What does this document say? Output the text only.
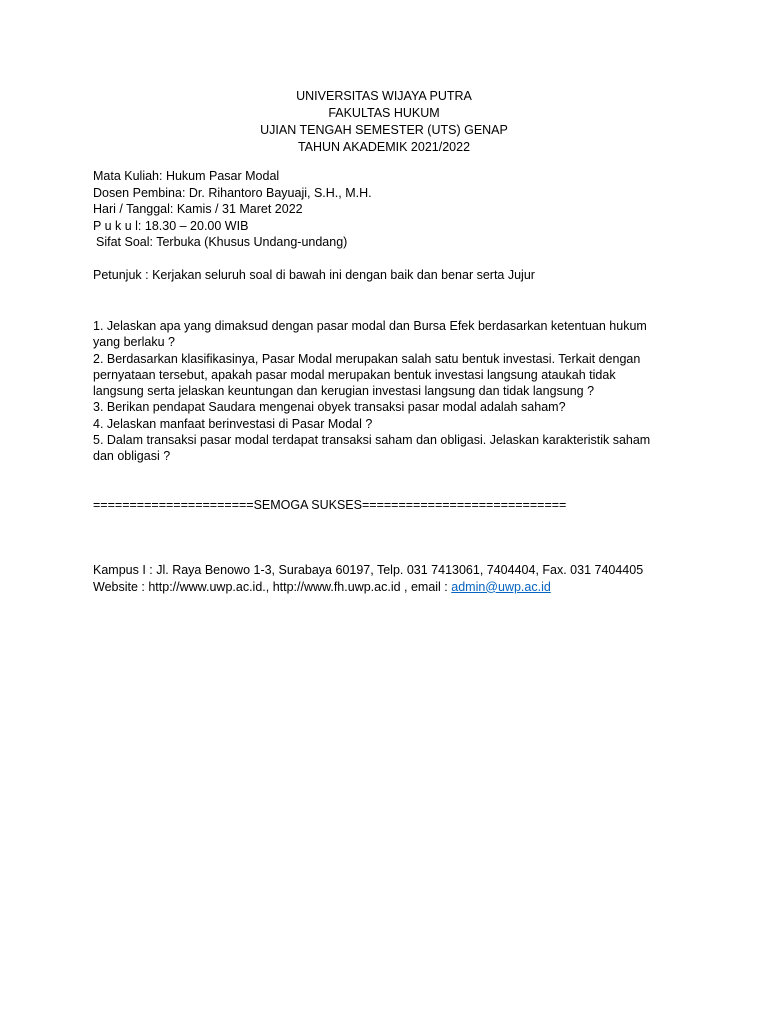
UNIVERSITAS WIJAYA PUTRA
FAKULTAS HUKUM
UJIAN TENGAH SEMESTER (UTS) GENAP
TAHUN AKADEMIK 2021/2022
Mata Kuliah: Hukum Pasar Modal
Dosen Pembina: Dr. Rihantoro Bayuaji, S.H., M.H.
Hari / Tanggal: Kamis / 31 Maret 2022
P u k u l: 18.30 – 20.00 WIB
Sifat Soal: Terbuka (Khusus Undang-undang)
Petunjuk : Kerjakan seluruh soal di bawah ini dengan baik dan benar serta Jujur
1. Jelaskan apa yang dimaksud dengan pasar modal dan Bursa Efek berdasarkan ketentuan hukum
yang berlaku ?
2. Berdasarkan klasifikasinya, Pasar Modal merupakan salah satu bentuk investasi. Terkait dengan
pernyataan tersebut, apakah pasar modal merupakan bentuk investasi langsung ataukah tidak
langsung serta jelaskan keuntungan dan kerugian investasi langsung dan tidak langsung ?
3. Berikan pendapat Saudara mengenai obyek transaksi pasar modal adalah saham?
4. Jelaskan manfaat berinvestasi di Pasar Modal ?
5. Dalam transaksi pasar modal terdapat transaksi saham dan obligasi. Jelaskan karakteristik saham
dan obligasi ?
======================SEMOGA SUKSES============================
Kampus I : Jl. Raya Benowo 1-3, Surabaya 60197, Telp. 031 7413061, 7404404, Fax. 031 7404405
Website : http://www.uwp.ac.id., http://www.fh.uwp.ac.id , email : admin@uwp.ac.id
